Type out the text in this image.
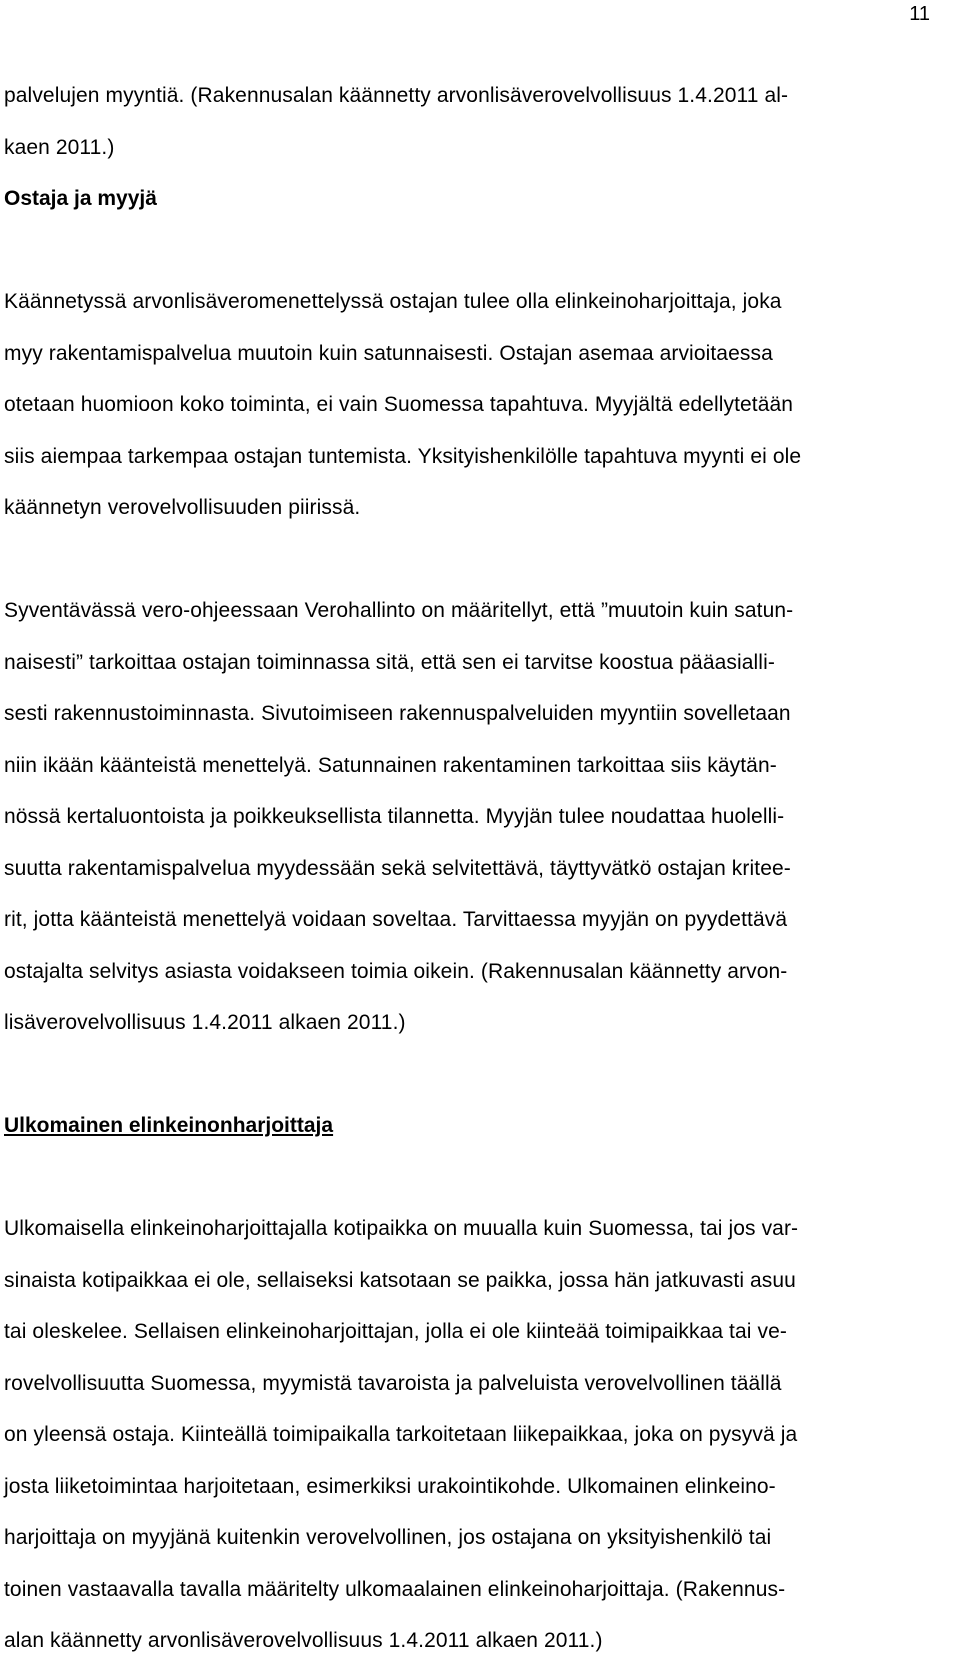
11
palvelujen myyntiä. (Rakennusalan käännetty arvonlisäverovelvollisuus 1.4.2011 al-
kaen 2011.)
Ostaja ja myyjä
Käännetyssä arvonlisäveromenettelyssä ostajan tulee olla elinkeinoharjoittaja, joka
myy rakentamispalvelua muutoin kuin satunnaisesti. Ostajan asemaa arvioitaessa
otetaan huomioon koko toiminta, ei vain Suomessa tapahtuva. Myyjältä edellytetään
siis aiempaa tarkempaa ostajan tuntemista. Yksityishenkilölle tapahtuva myynti ei ole
käännetyn verovelvollisuuden piirissä.
Syventävässä vero-ohjeessaan Verohallinto on määritellyt, että ”muutoin kuin satun-
naisesti” tarkoittaa ostajan toiminnassa sitä, että sen ei tarvitse koostua pääasialli-
sesti rakennustoiminnasta. Sivutoimiseen rakennuspalveluiden myyntiin sovelletaan
niin ikään käänteistä menettelyä. Satunnainen rakentaminen tarkoittaa siis käytän-
nössä kertaluontoista ja poikkeuksellista tilannetta. Myyjän tulee noudattaa huolelli-
suutta rakentamispalvelua myydessään sekä selvitettävä, täyttyvätkö ostajan kritee-
rit, jotta käänteistä menettelyä voidaan soveltaa. Tarvittaessa myyjän on pyydettävä
ostajalta selvitys asiasta voidakseen toimia oikein. (Rakennusalan käännetty arvon-
lisäverovelvollisuus 1.4.2011 alkaen 2011.)
Ulkomainen elinkeinonharjoittaja
Ulkomaisella elinkeinoharjoittajalla kotipaikka on muualla kuin Suomessa, tai jos var-
sinaista kotipaikkaa ei ole, sellaiseksi katsotaan se paikka, jossa hän jatkuvasti asuu
tai oleskelee. Sellaisen elinkeinoharjoittajan, jolla ei ole kiinteää toimipaikkaa tai ve-
rovelvollisuutta Suomessa, myymistä tavaroista ja palveluista verovelvollinen täällä
on yleensä ostaja. Kiinteällä toimipaikalla tarkoitetaan liikepaikkaa, joka on pysyvä ja
josta liiketoimintaa harjoitetaan, esimerkiksi urakointikohde. Ulkomainen elinkeino-
harjoittaja on myyjänä kuitenkin verovelvollinen, jos ostajana on yksityishenkilö tai
toinen vastaavalla tavalla määritelty ulkomaalainen elinkeinoharjoittaja. (Rakennus-
alan käännetty arvonlisäverovelvollisuus 1.4.2011 alkaen 2011.)
